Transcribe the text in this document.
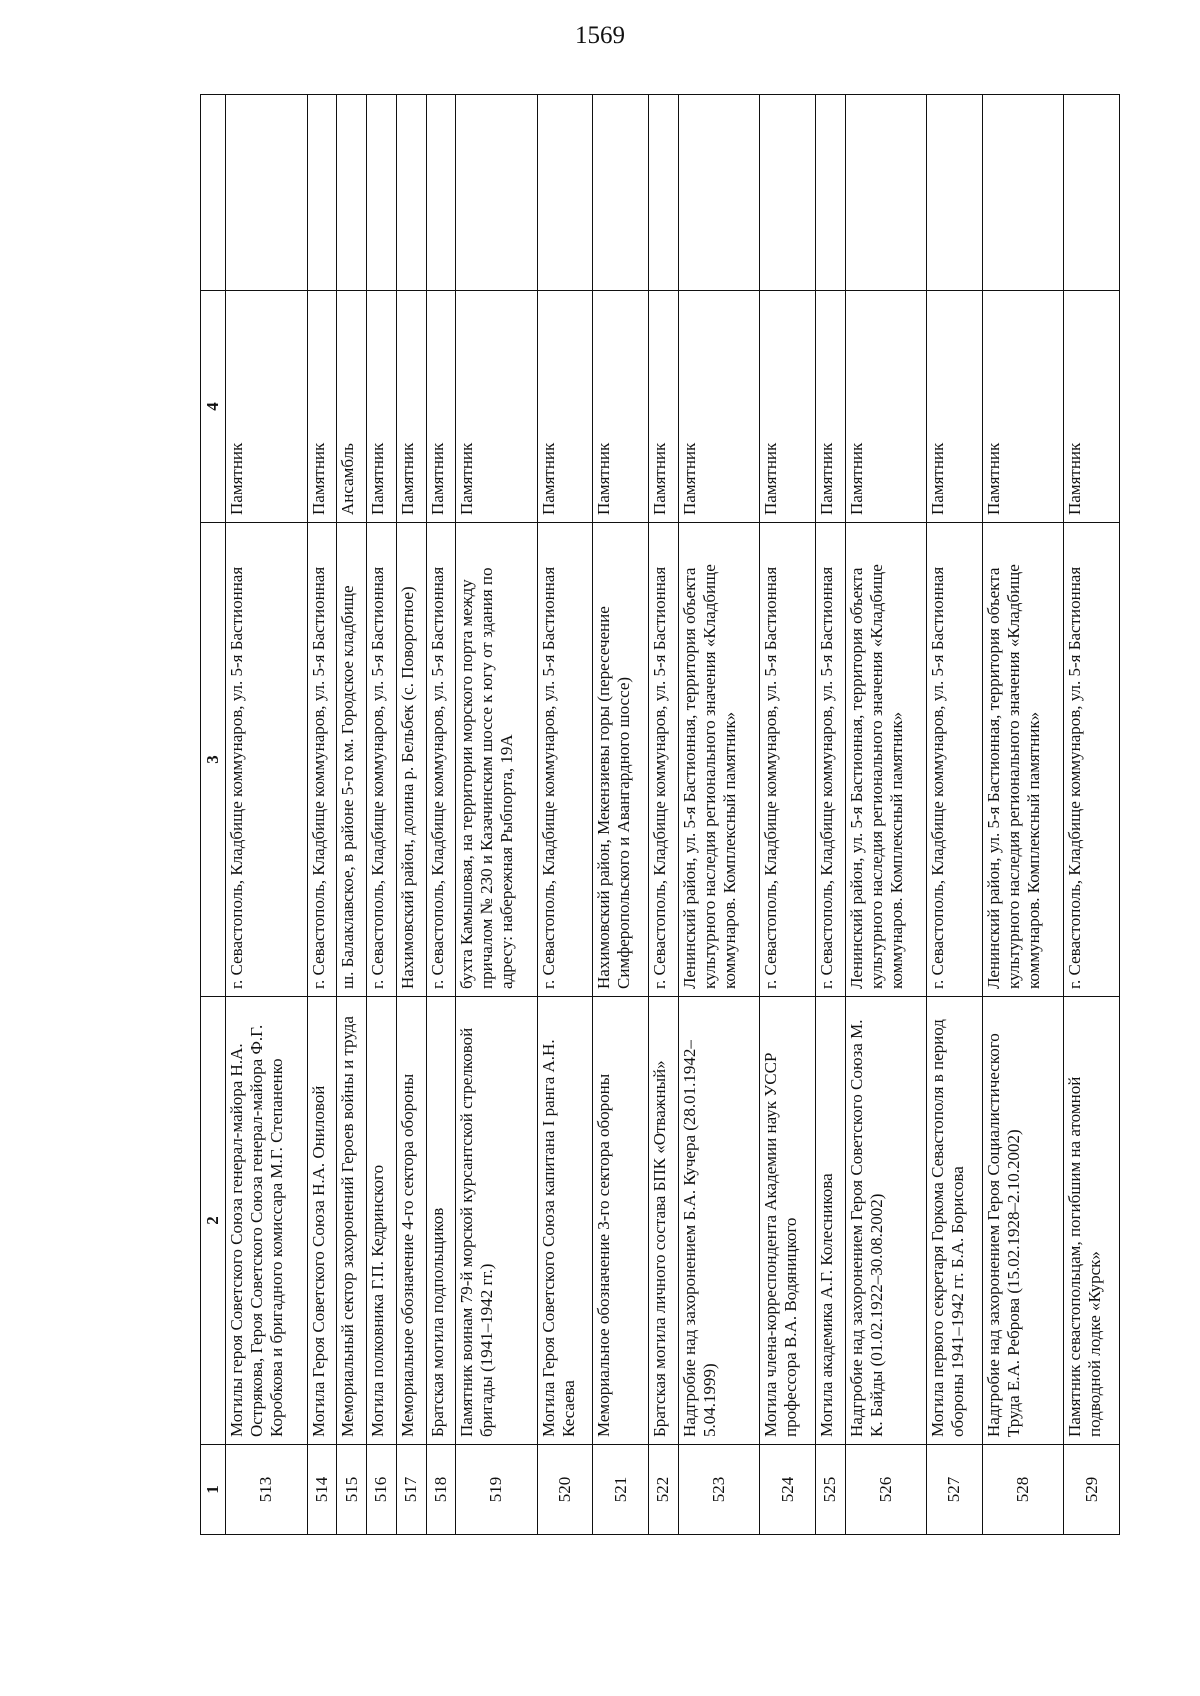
1569
1	2	3	4	
513	Могилы героя Советского Союза генерал-майора Н.А. Острякова, Героя Советского Союза генерал-майора Ф.Г. Коробкова и бригадного комиссара М.Г. Степаненко	г. Севастополь, Кладбище коммунаров, ул. 5-я Бастионная	Памятник	
514	Могила Героя Советского Союза Н.А. Ониловой	г. Севастополь, Кладбище коммунаров, ул. 5-я Бастионная	Памятник	
515	Мемориальный сектор захоронений Героев войны и труда	ш. Балаклавское, в районе 5-го км. Городское кладбище	Ансамбль	
516	Могила полковника Г.П. Кедринского	г. Севастополь, Кладбище коммунаров, ул. 5-я Бастионная	Памятник	
517	Мемориальное обозначение 4-го сектора обороны	Нахимовский район, долина р. Бельбек (с. Поворотное)	Памятник	
518	Братская могила подпольщиков	г. Севастополь, Кладбище коммунаров, ул. 5-я Бастионная	Памятник	
519	Памятник воинам 79-й морской курсантской стрелковой бригады (1941–1942 гг.)	бухта Камышовая, на территории морского порта между причалом № 230 и Казачинским шоссе к югу от здания по адресу: набережная Рыбпорта, 19А	Памятник	
520	Могила Героя Советского Союза капитана I ранга А.Н. Кесаева	г. Севастополь, Кладбище коммунаров, ул. 5-я Бастионная	Памятник	
521	Мемориальное обозначение 3-го сектора обороны	Нахимовский район, Мекензиевы горы (пересечение Симферопольского и Авангардного шоссе)	Памятник	
522	Братская могила личного состава БПК «Отважный»	г. Севастополь, Кладбище коммунаров, ул. 5-я Бастионная	Памятник	
523	Надгробие над захоронением Б.А. Кучера (28.01.1942–5.04.1999)	Ленинский район, ул. 5-я Бастионная, территория объекта культурного наследия регионального значения «Кладбище коммунаров. Комплексный памятник»	Памятник	
524	Могила члена-корреспондента Академии наук УССР профессора В.А. Водяницкого	г. Севастополь, Кладбище коммунаров, ул. 5-я Бастионная	Памятник	
525	Могила академика А.Г. Колесникова	г. Севастополь, Кладбище коммунаров, ул. 5-я Бастионная	Памятник	
526	Надгробие над захоронением Героя Советского Союза М. К. Байды (01.02.1922–30.08.2002)	Ленинский район, ул. 5-я Бастионная, территория объекта культурного наследия регионального значения «Кладбище коммунаров. Комплексный памятник»	Памятник	
527	Могила первого секретаря Горкома Севастополя в период обороны 1941–1942 гг. Б.А. Борисова	г. Севастополь, Кладбище коммунаров, ул. 5-я Бастионная	Памятник	
528	Надгробие над захоронением Героя Социалистического Труда Е.А. Реброва (15.02.1928–2.10.2002)	Ленинский район, ул. 5-я Бастионная, территория объекта культурного наследия регионального значения «Кладбище коммунаров. Комплексный памятник»	Памятник	
529	Памятник севастопольцам, погибшим на атомной подводной лодке «Курск»	г. Севастополь, Кладбище коммунаров, ул. 5-я Бастионная	Памятник	
